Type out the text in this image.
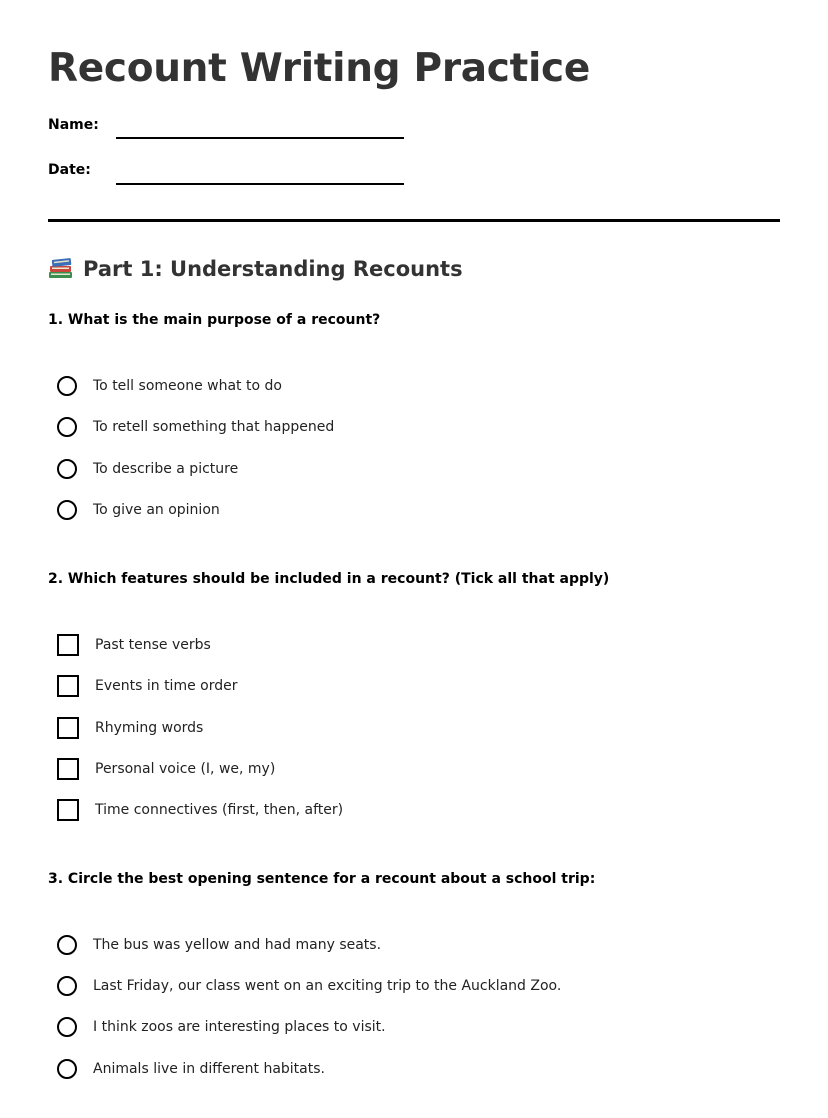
Recount Writing Practice
Name:
Date:
Part 1: Understanding Recounts
1. What is the main purpose of a recount?
To tell someone what to do
To retell something that happened
To describe a picture
To give an opinion
2. Which features should be included in a recount? (Tick all that apply)
Past tense verbs
Events in time order
Rhyming words
Personal voice (I, we, my)
Time connectives (first, then, after)
3. Circle the best opening sentence for a recount about a school trip:
The bus was yellow and had many seats.
Last Friday, our class went on an exciting trip to the Auckland Zoo.
I think zoos are interesting places to visit.
Animals live in different habitats.
